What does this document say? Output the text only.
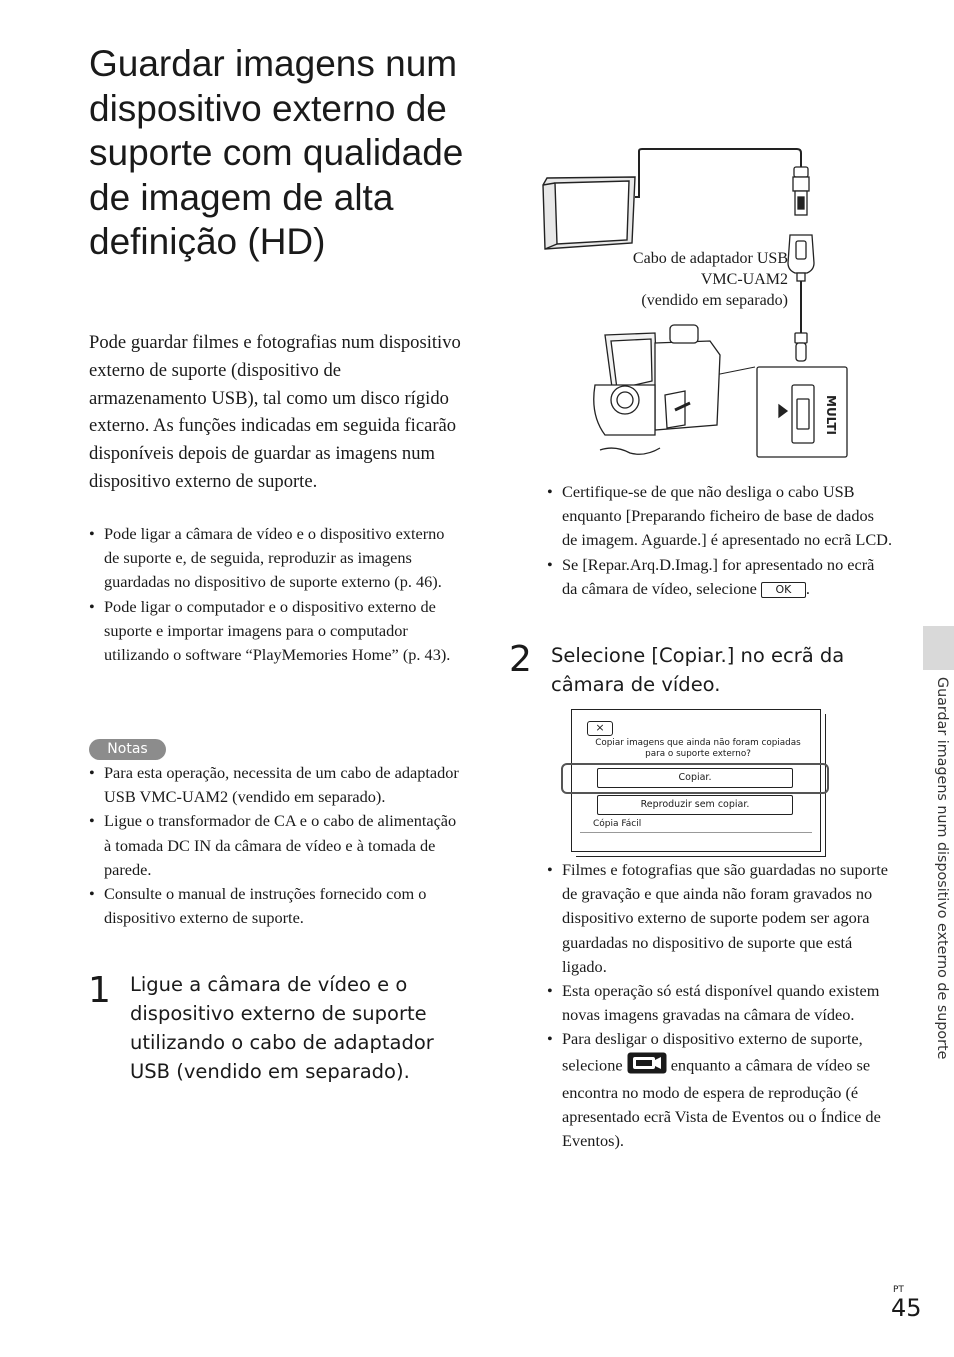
Guardar imagens num dispositivo externo de suporte com qualidade de imagem de alta definição (HD)

Pode guardar filmes e fotografias num dispositivo externo de suporte (dispositivo de armazenamento USB), tal como um disco rígido externo. As funções indicadas em seguida ficarão disponíveis depois de guardar as imagens num dispositivo externo de suporte.

• Pode ligar a câmara de vídeo e o dispositivo externo de suporte e, de seguida, reproduzir as imagens guardadas no dispositivo de suporte externo (p. 46).
• Pode ligar o computador e o dispositivo externo de suporte e importar imagens para o computador utilizando o software “PlayMemories Home” (p. 43).
Notas
• Para esta operação, necessita de um cabo de adaptador USB VMC-UAM2 (vendido em separado).
• Ligue o transformador de CA e o cabo de alimentação à tomada DC IN da câmara de vídeo e à tomada de parede.
• Consulte o manual de instruções fornecido com o dispositivo externo de suporte.
1 Ligue a câmara de vídeo e o dispositivo externo de suporte utilizando o cabo de adaptador USB (vendido em separado).
MULTI
Cabo de adaptador USB
VMC-UAM2
(vendido em separado)
• Certifique-se de que não desliga o cabo USB enquanto [Preparando ficheiro de base de dados de imagem. Aguarde.] é apresentado no ecrã LCD.
• Se [Repar.Arq.D.Imag.] for apresentado no ecrã da câmara de vídeo, selecione OK .
2 Selecione [Copiar.] no ecrã da câmara de vídeo.
×
Copiar imagens que ainda não foram copiadas
para o suporte externo?
Copiar.
Reproduzir sem copiar.
Cópia Fácil
• Filmes e fotografias que são guardadas no suporte de gravação e que ainda não foram gravados no dispositivo externo de suporte podem ser agora guardadas no dispositivo de suporte que está ligado.
• Esta operação só está disponível quando existem novas imagens gravadas na câmara de vídeo.
• Para desligar o dispositivo externo de suporte, selecione  enquanto a câmara de vídeo se encontra no modo de espera de reprodução (é apresentado ecrã Vista de Eventos ou o Índice de Eventos).
Guardar imagens num dispositivo externo de suporte
PT
45
